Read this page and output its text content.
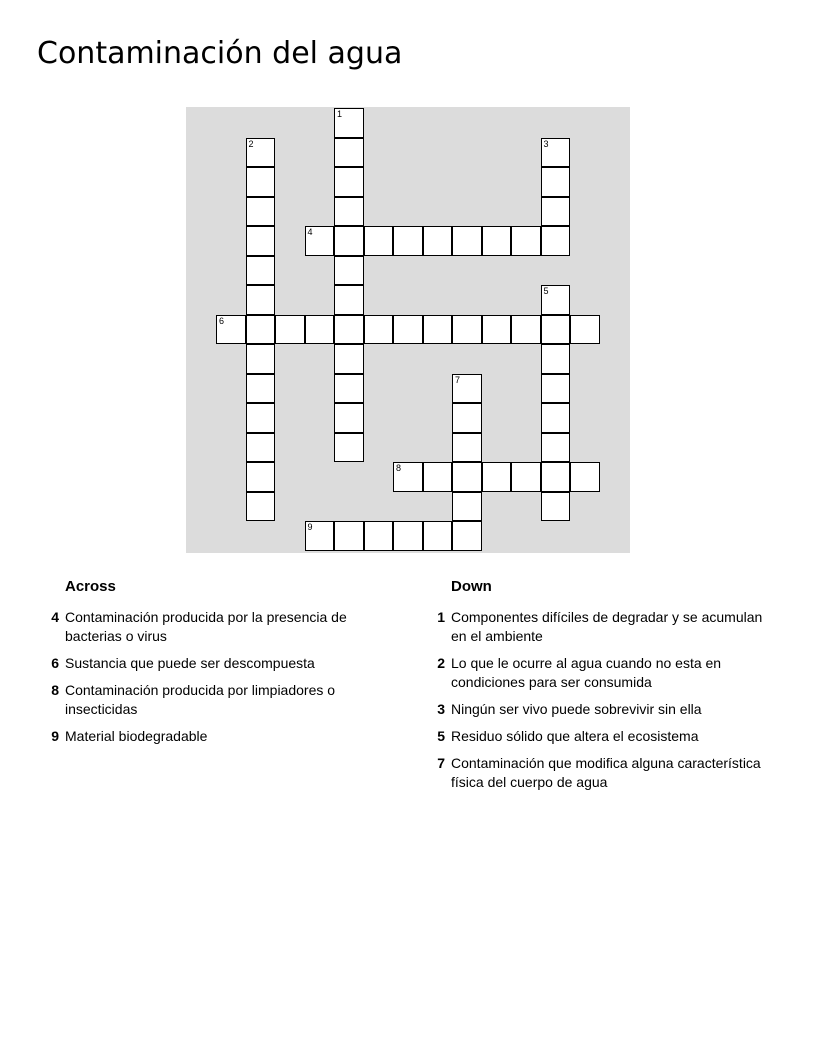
Contaminación del agua
1
2	3
4
5
6
7
8
9
Across
4 Contaminación producida por la presencia de bacterias o virus
6 Sustancia que puede ser descompuesta
8 Contaminación producida por limpiadores o insecticidas
9 Material biodegradable
Down
1 Componentes difíciles de degradar y se acumulan en el ambiente
2 Lo que le ocurre al agua cuando no esta en condiciones para ser consumida
3 Ningún ser vivo puede sobrevivir sin ella
5 Residuo sólido que altera el ecosistema
7 Contaminación que modifica alguna característica física del cuerpo de agua
